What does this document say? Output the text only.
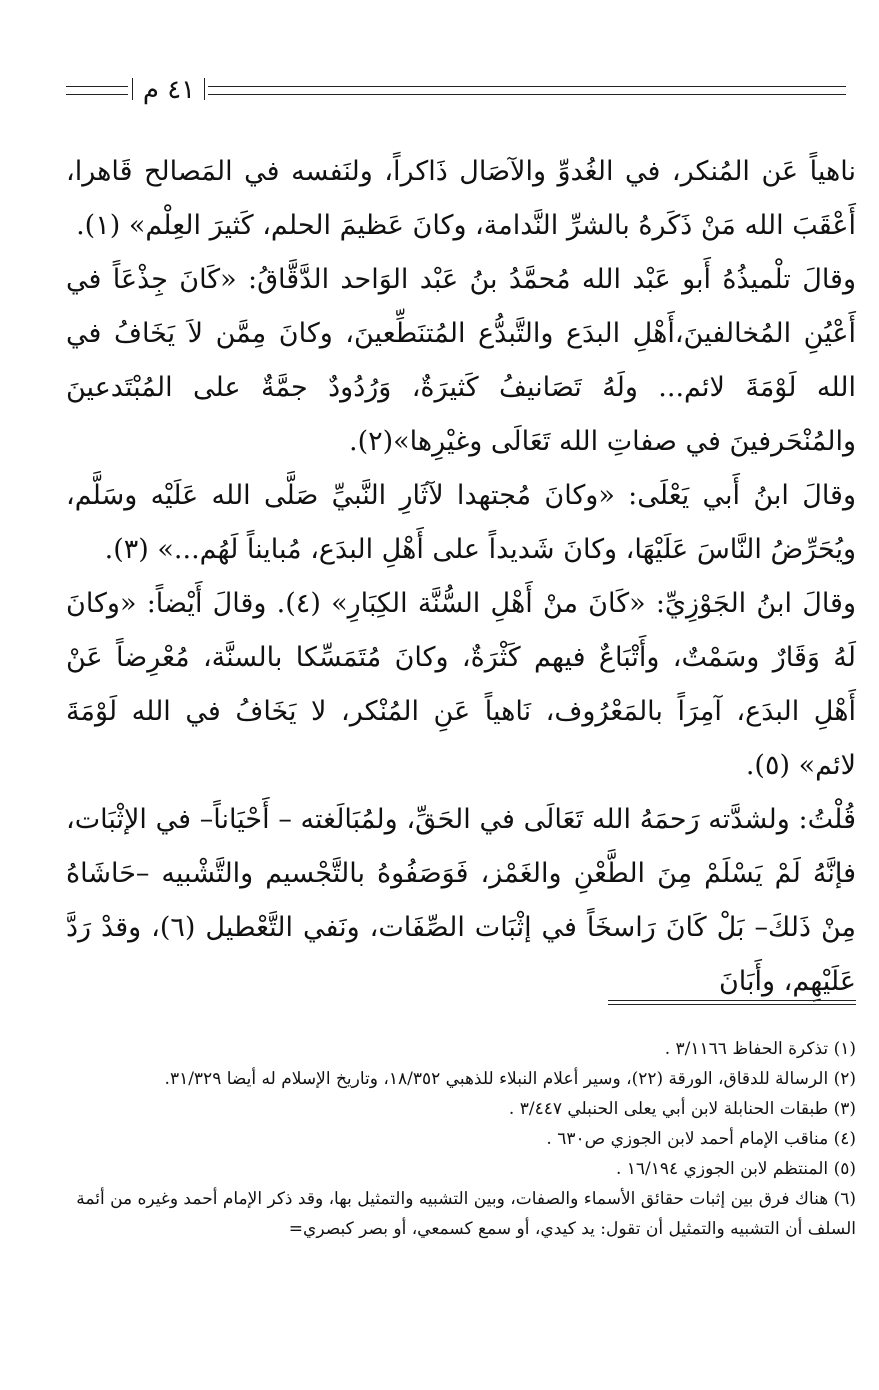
٤١ م

ناهياً عَن المُنكر، في الغُدوِّ والآصَال ذَاكراً، ولنَفسه في المَصالح قَاهرا، أَعْقَبَ الله مَنْ ذَكَرهُ بالشرِّ النَّدامة، وكانَ عَظيمَ الحلم، كَثيرَ العِلْم» (١).

وقالَ تلْميذُهُ أَبو عَبْد الله مُحمَّدُ بنُ عَبْد الوَاحد الدَّقَّاقُ: «كَانَ جِذْعَاً في أَعْيُنِ المُخالفينَ،أَهْلِ البدَع والتَّبدُّع المُتنَطِّعينَ، وكانَ مِمَّن لاَ يَخَافُ في الله لَوْمَةَ لائم... ولَهُ تَصَانيفُ كَثيرَةٌ، وَرُدُودٌ جمَّةٌ على المُبْتَدعينَ والمُنْحَرفينَ في صفاتِ الله تَعَالَى وغيْرِها»(٢).

وقالَ ابنُ أَبي يَعْلَى: «وكانَ مُجتهدا لآثَارِ النَّبيِّ صَلَّى الله عَلَيْه وسَلَّم، ويُحَرِّضُ النَّاسَ عَلَيْهَا، وكانَ شَديداً على أَهْلِ البدَع، مُبايناً لَهُم...» (٣).

وقالَ ابنُ الجَوْزِيِّ: «كَانَ منْ أَهْلِ السُّنَّة الكِبَارِ» (٤). وقالَ أَيْضاً: «وكانَ لَهُ وَقَارٌ وسَمْتٌ، وأَتْبَاعٌ فيهم كَثْرَةٌ، وكانَ مُتَمَسِّكا بالسنَّة، مُعْرِضاً عَنْ أَهْلِ البدَع، آمِرَاً بالمَعْرُوف، نَاهياً عَنِ المُنْكر، لا يَخَافُ في الله لَوْمَةَ لائم» (٥).

قُلْتُ: ولشدَّته رَحمَهُ الله تَعَالَى في الحَقِّ، ولمُبَالَغته – أَحْيَاناً– في الإثْبَات، فإنَّهُ لَمْ يَسْلَمْ مِنَ الطَّعْنِ والغَمْز، فَوَصَفُوهُ بالتَّجْسيم والتَّشْبيه –حَاشَاهُ مِنْ ذَلكَ– بَلْ كَانَ رَاسخَاً في إثْبَات الصِّفَات، ونَفي التَّعْطيل (٦)، وقدْ رَدَّ عَلَيْهِم، وأَبَانَ

(١) تذكرة الحفاظ ٣/١١٦٦ .

(٢) الرسالة للدقاق، الورقة (٢٢)، وسير أعلام النبلاء للذهبي ١٨/٣٥٢، وتاريخ الإسلام له أيضا ٣١/٣٢٩.

(٣) طبقات الحنابلة لابن أبي يعلى الحنبلي ٣/٤٤٧ .

(٤) مناقب الإمام أحمد لابن الجوزي ص٦٣٠ .

(٥) المنتظم لابن الجوزي ١٦/١٩٤ .

(٦) هناك فرق بين إثبات حقائق الأسماء والصفات، وبين التشبيه والتمثيل بها، وقد ذكر الإمام أحمد وغيره من أئمة السلف أن التشبيه والتمثيل أن تقول: يد كيدي، أو سمع كسمعي، أو بصر كبصري=
